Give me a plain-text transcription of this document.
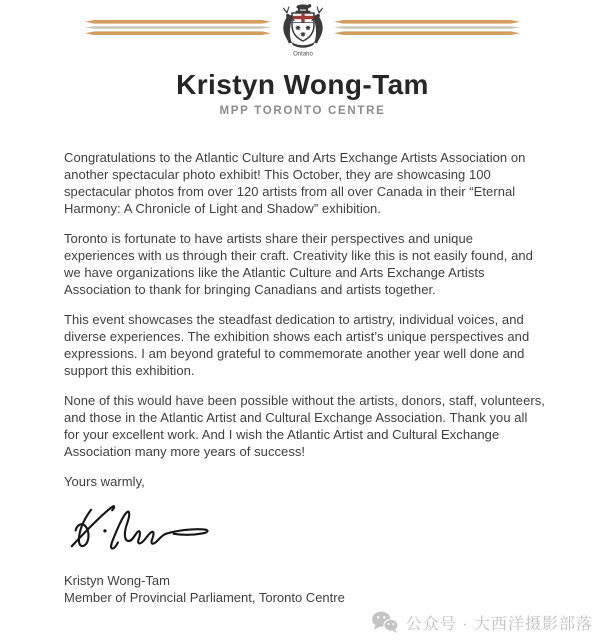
Ontario
Kristyn Wong-Tam
MPP TORONTO CENTRE

Congratulations to the Atlantic Culture and Arts Exchange Artists Association on another spectacular photo exhibit! This October, they are showcasing 100 spectacular photos from over 120 artists from all over Canada in their “Eternal Harmony: A Chronicle of Light and Shadow” exhibition.

Toronto is fortunate to have artists share their perspectives and unique experiences with us through their craft. Creativity like this is not easily found, and we have organizations like the Atlantic Culture and Arts Exchange Artists Association to thank for bringing Canadians and artists together.

This event showcases the steadfast dedication to artistry, individual voices, and diverse experiences. The exhibition shows each artist’s unique perspectives and expressions. I am beyond grateful to commemorate another year well done and support this exhibition.

None of this would have been possible without the artists, donors, staff, volunteers, and those in the Atlantic Artist and Cultural Exchange Association. Thank you all for your excellent work. And I wish the Atlantic Artist and Cultural Exchange Association many more years of success!

Yours warmly,

Kristyn Wong-Tam
Member of Provincial Parliament, Toronto Centre
公众号 · 大西洋摄影部落
